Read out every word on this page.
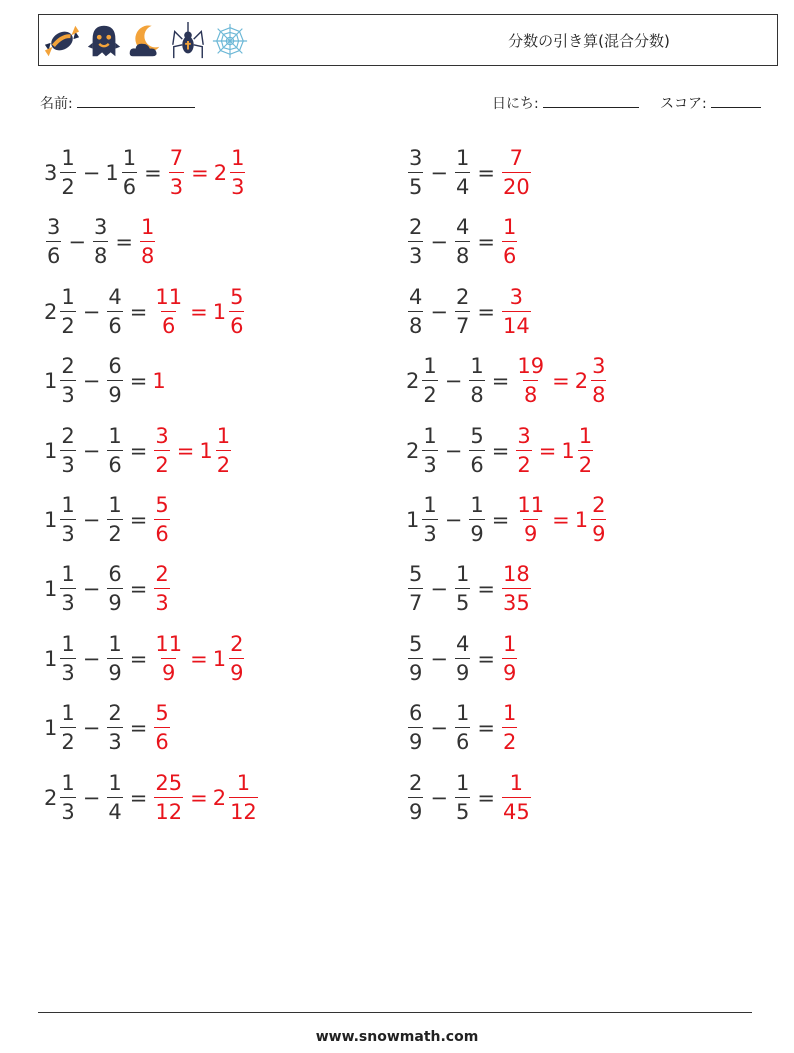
分数の引き算(混合分数)
名前:	日にち:	スコア:
$3 \frac{1}{2} - 1 \frac{1}{6} = \frac{7}{3} = 2 \frac{1}{3}$	$\frac{3}{5} - \frac{1}{4} = \frac{7}{20}$
$\frac{3}{6} - \frac{3}{8} = \frac{1}{8}$	$\frac{2}{3} - \frac{4}{8} = \frac{1}{6}$
$2 \frac{1}{2} - \frac{4}{6} = \frac{11}{6} = 1 \frac{5}{6}$	$\frac{4}{8} - \frac{2}{7} = \frac{3}{14}$
$1 \frac{2}{3} - \frac{6}{9} = 1$	$2 \frac{1}{2} - \frac{1}{8} = \frac{19}{8} = 2 \frac{3}{8}$
$1 \frac{2}{3} - \frac{1}{6} = \frac{3}{2} = 1 \frac{1}{2}$	$2 \frac{1}{3} - \frac{5}{6} = \frac{3}{2} = 1 \frac{1}{2}$
$1 \frac{1}{3} - \frac{1}{2} = \frac{5}{6}$	$1 \frac{1}{3} - \frac{1}{9} = \frac{11}{9} = 1 \frac{2}{9}$
$1 \frac{1}{3} - \frac{6}{9} = \frac{2}{3}$	$\frac{5}{7} - \frac{1}{5} = \frac{18}{35}$
$1 \frac{1}{3} - \frac{1}{9} = \frac{11}{9} = 1 \frac{2}{9}$	$\frac{5}{9} - \frac{4}{9} = \frac{1}{9}$
$1 \frac{1}{2} - \frac{2}{3} = \frac{5}{6}$	$\frac{6}{9} - \frac{1}{6} = \frac{1}{2}$
$2 \frac{1}{3} - \frac{1}{4} = \frac{25}{12} = 2 \frac{1}{12}$	$\frac{2}{9} - \frac{1}{5} = \frac{1}{45}$
www.snowmath.com
